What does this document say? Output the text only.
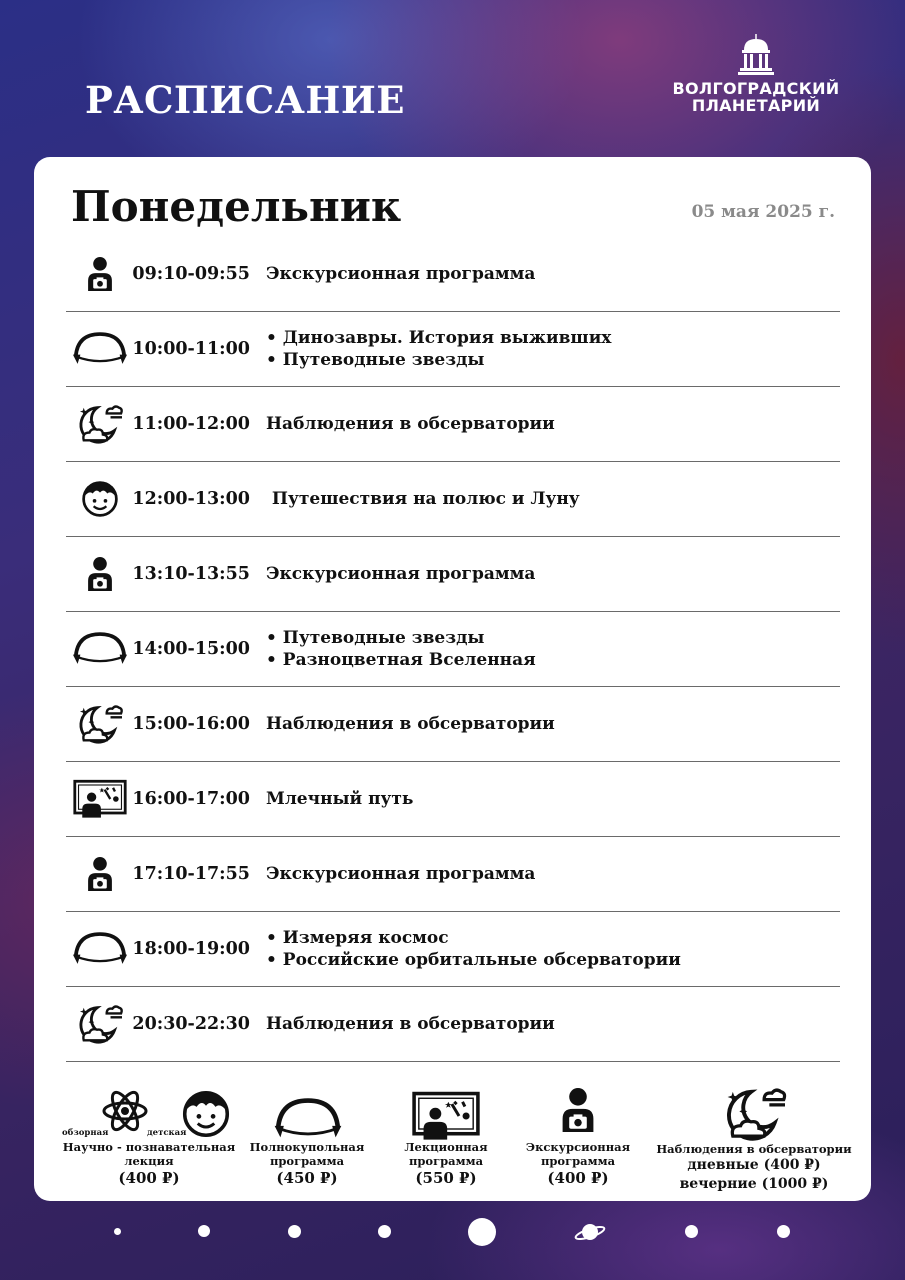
РАСПИСАНИЕ	ВОЛГОГРАДСКИЙ
ПЛАНЕТАРИЙ
Понедельник	05 мая 2025 г.
09:10-09:55 Экскурсионная программа
10:00-11:00
• Динозавры. История выживших
• Путеводные звезды
11:00-12:00 Наблюдения в обсерватории
12:00-13:00 Путешествия на полюс и Луну
13:10-13:55 Экскурсионная программа
14:00-15:00
• Путеводные звезды
• Разноцветная Вселенная
15:00-16:00 Наблюдения в обсерватории
16:00-17:00 Млечный путь
17:10-17:55 Экскурсионная программа
18:00-19:00
• Измеряя космос
• Российские орбитальные обсерватории
20:30-22:30 Наблюдения в обсерватории
обзорная	детская
Научно - познавательная
лекция
(400 ₽)
Полнокупольная
программа
(450 ₽)
Лекционная
программа
(550 ₽)
Экскурсионная
программа
(400 ₽)
Наблюдения в обсерватории
дневные (400 ₽)
вечерние (1000 ₽)
